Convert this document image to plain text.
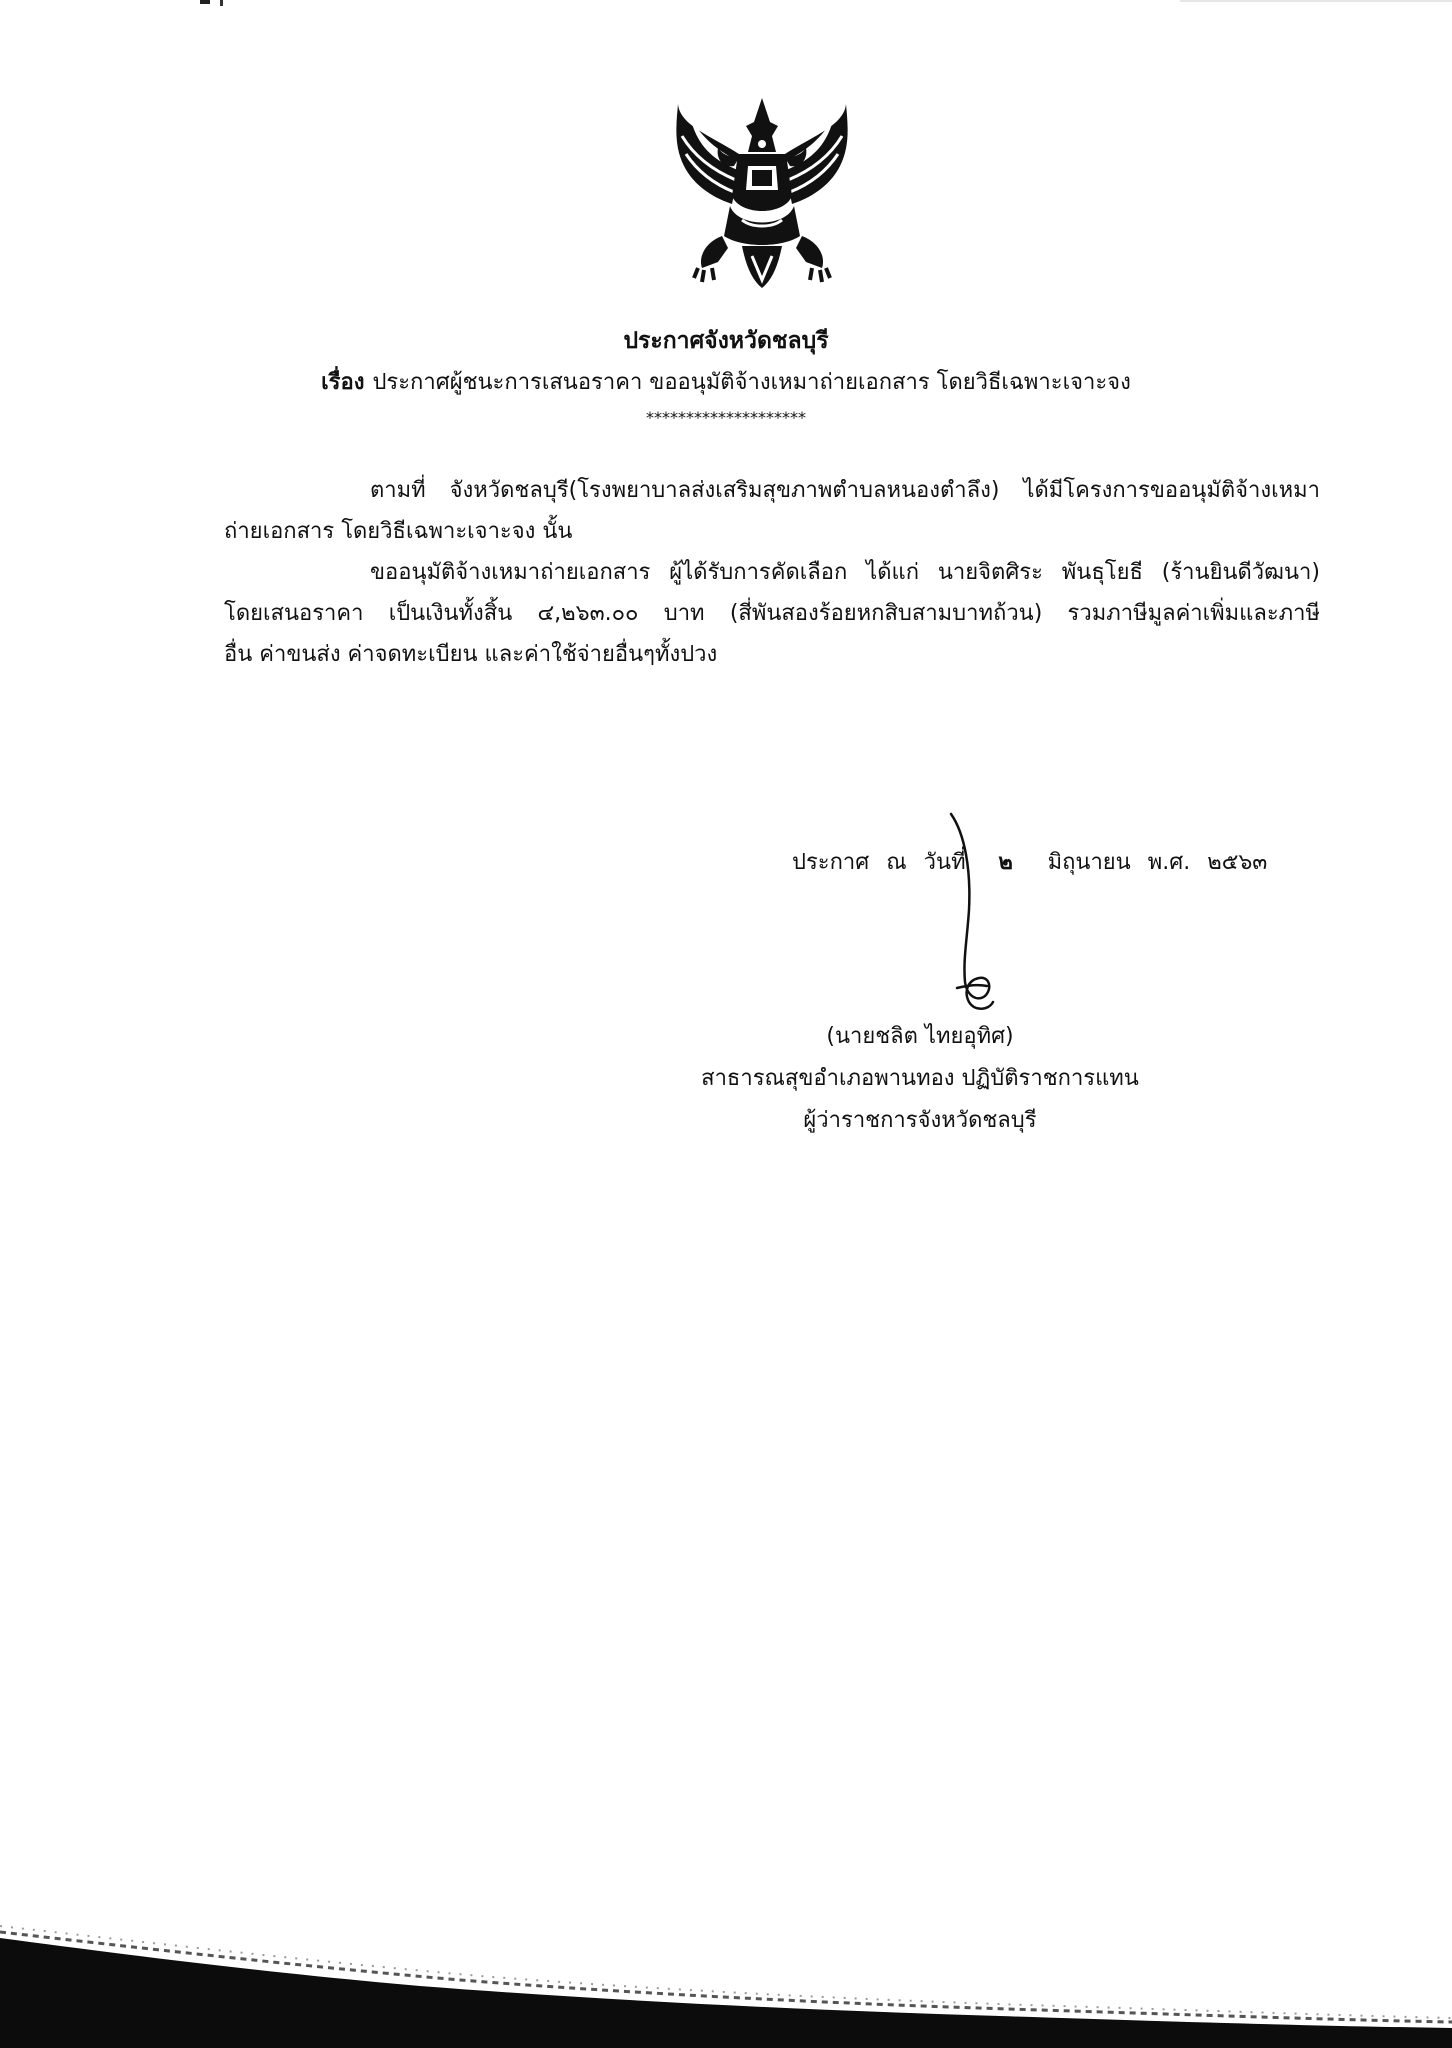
ประกาศจังหวัดชลบุรี
เรื่อง ประกาศผู้ชนะการเสนอราคา ขออนุมัติจ้างเหมาถ่ายเอกสาร โดยวิธีเฉพาะเจาะจง
********************
ตามที่ จังหวัดชลบุรี(โรงพยาบาลส่งเสริมสุขภาพตำบลหนองตำลึง) ได้มีโครงการขออนุมัติจ้างเหมา
ถ่ายเอกสาร โดยวิธีเฉพาะเจาะจง นั้น
ขออนุมัติจ้างเหมาถ่ายเอกสาร ผู้ได้รับการคัดเลือก ได้แก่ นายจิตศิระ พันธุโยธี (ร้านยินดีวัฒนา)
โดยเสนอราคา เป็นเงินทั้งสิ้น ๔,๒๖๓.๐๐ บาท (สี่พันสองร้อยหกสิบสามบาทถ้วน) รวมภาษีมูลค่าเพิ่มและภาษี
อื่น ค่าขนส่ง ค่าจดทะเบียน และค่าใช้จ่ายอื่นๆทั้งปวง
ประกาศ ณ วันที่ ๒ มิถุนายน พ.ศ. ๒๕๖๓
(นายชลิต ไทยอุทิศ)
สาธารณสุขอำเภอพานทอง ปฏิบัติราชการแทน
ผู้ว่าราชการจังหวัดชลบุรี
